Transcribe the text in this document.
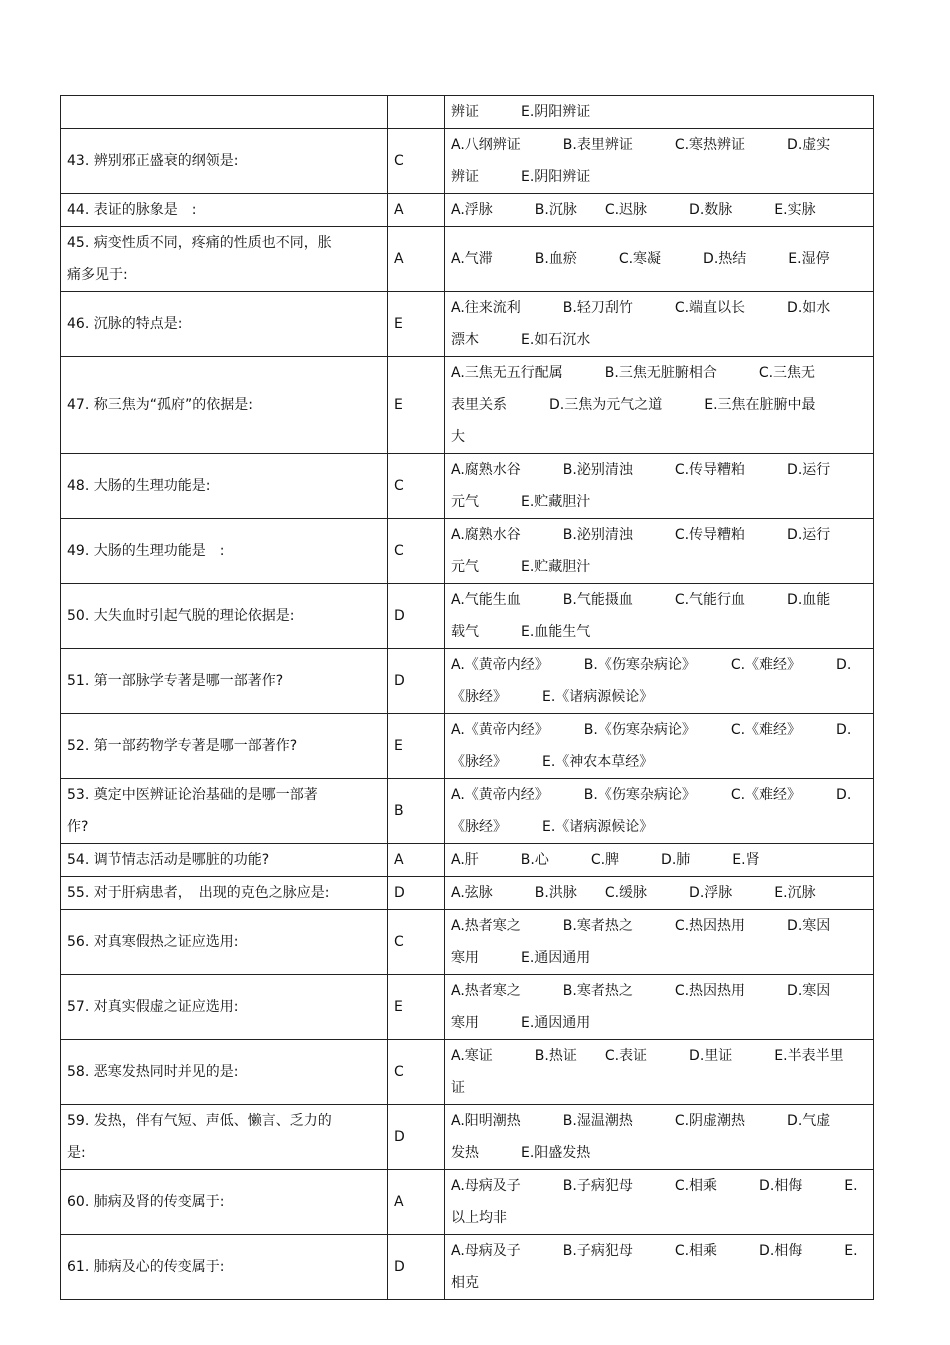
		辨证　　　E.阴阳辨证
43. 辨别邪正盛衰的纲领是:	C	A.八纲辨证　　　B.表里辨证　　　C.寒热辨证　　　D.虚实
辨证　　　E.阴阳辨证
44. 表证的脉象是　:	A	A.浮脉　　　B.沉脉　　C.迟脉　　　D.数脉　　　E.实脉
45. 病变性质不同，疼痛的性质也不同，胀
痛多见于:	A	A.气滞　　　B.血瘀　　　C.寒凝　　　D.热结　　　E.湿停
46. 沉脉的特点是:	E	A.往来流利　　　B.轻刀刮竹　　　C.端直以长　　　D.如水
漂木　　　E.如石沉水
47. 称三焦为“孤府”的依据是:	E	A.三焦无五行配属　　　B.三焦无脏腑相合　　　C.三焦无
表里关系　　　D.三焦为元气之道　　　E.三焦在脏腑中最
大
48. 大肠的生理功能是:	C	A.腐熟水谷　　　B.泌别清浊　　　C.传导糟粕　　　D.运行
元气　　　E.贮藏胆汁
49. 大肠的生理功能是　:	C	A.腐熟水谷　　　B.泌别清浊　　　C.传导糟粕　　　D.运行
元气　　　E.贮藏胆汁
50. 大失血时引起气脱的理论依据是:	D	A.气能生血　　　B.气能摄血　　　C.气能行血　　　D.血能
载气　　　E.血能生气
51. 第一部脉学专著是哪一部著作?	D	A.《黄帝内经》　　　B.《伤寒杂病论》　　　C.《难经》　　　D.
《脉经》　　　E.《诸病源候论》
52. 第一部药物学专著是哪一部著作?	E	A.《黄帝内经》　　　B.《伤寒杂病论》　　　C.《难经》　　　D.
《脉经》　　　E.《神农本草经》
53. 奠定中医辨证论治基础的是哪一部著
作?	B	A.《黄帝内经》　　　B.《伤寒杂病论》　　　C.《难经》　　　D.
《脉经》　　　E.《诸病源候论》
54. 调节情志活动是哪脏的功能?	A	A.肝　　　B.心　　　C.脾　　　D.肺　　　E.肾
55. 对于肝病患者，　出现的克色之脉应是:	D	A.弦脉　　　B.洪脉　　C.缓脉　　　D.浮脉　　　E.沉脉
56. 对真寒假热之证应选用:	C	A.热者寒之　　　B.寒者热之　　　C.热因热用　　　D.寒因
寒用　　　E.通因通用
57. 对真实假虚之证应选用:	E	A.热者寒之　　　B.寒者热之　　　C.热因热用　　　D.寒因
寒用　　　E.通因通用
58. 恶寒发热同时并见的是:	C	A.寒证　　　B.热证　　C.表证　　　D.里证　　　E.半表半里
证
59. 发热，伴有气短、声低、懒言、乏力的
是:	D	A.阳明潮热　　　B.湿温潮热　　　C.阴虚潮热　　　D.气虚
发热　　　E.阳盛发热
60. 肺病及肾的传变属于:	A	A.母病及子　　　B.子病犯母　　　C.相乘　　　D.相侮　　　E.
以上均非
61. 肺病及心的传变属于:	D	A.母病及子　　　B.子病犯母　　　C.相乘　　　D.相侮　　　E.
相克
